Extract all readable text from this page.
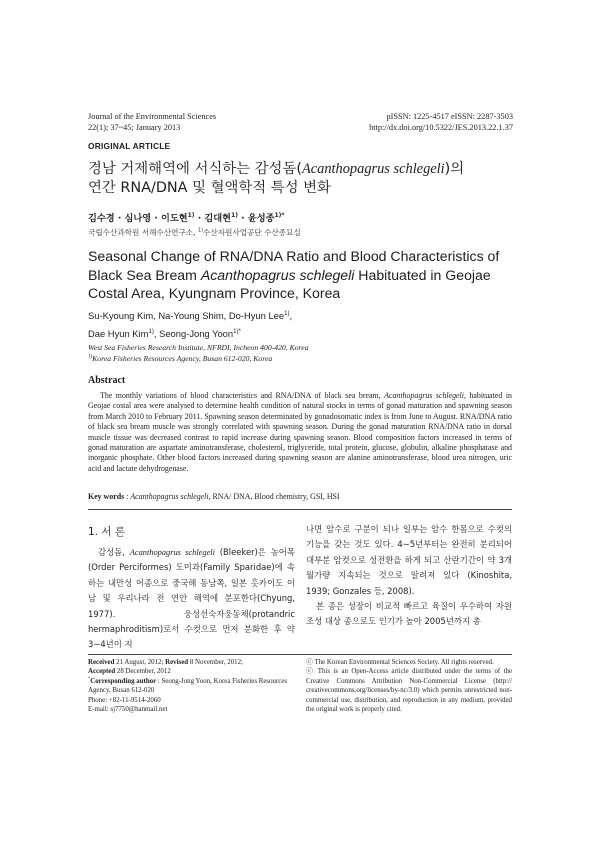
Journal of the Environmental Sciences
22(1); 37~45; January 2013
pISSN: 1225-4517 eISSN: 2287-3503
http://dx.doi.org/10.5322/JES.2013.22.1.37
ORIGINAL ARTICLE
경남 거제해역에 서식하는 감성돔(Acanthopagrus schlegeli)의
연간 RNA/DNA 및 혈액학적 특성 변화
김수경 · 심나영 · 이도현$^{1)}$ · 김대현$^{1)}$ · 윤성종$^{1)*}$
국립수산과학원 서해수산연구소, $^{1)}$수산자원사업공단 수산종묘실
Seasonal Change of RNA/DNA Ratio and Blood Characteristics of
Black Sea Bream Acanthopagrus schlegeli Habituated in Geojae
Costal Area, Kyungnam Province, Korea
Su-Kyoung Kim, Na-Young Shim, Do-Hyun Lee$^{1)}$,
Dae Hyun Kim$^{1)}$, Seong-Jong Yoon$^{1)*}$
West Sea Fisheries Research Institute, NFRDI, Incheon 400-420, Korea
$^{1)}$Korea Fisheries Resources Agency, Busan 612-020, Korea
Abstract
The monthly variations of blood characteristics and RNA/DNA of black sea bream, Acanthopagrus schlegeli, habituated in Geojae costal area were analysed to determine health condition of natural stocks in terms of gonad maturation and spawning season from March 2010 to February 2011. Spawning season determinated by gonadosomatic index is from June to August. RNA/DNA ratio of black sea bream muscle was strongly correlated with spawning season. During the gonad maturation RNA/DNA ratio in dorsal muscle tissue was decreased contrast to rapid increase during spawning season. Blood composition factors increased in terms of gonad maturation are aspartate aminotransferase, cholesterol, triglyceride, total protein, glucose, globulin, alkaline phosphatase and inorganic phosphate. Other blood factors increased during spawning season are alanine aminotransferase, blood urea nitrogen, uric acid and lactate dehydrogenase.
Key words : Acanthopagrus schlegeli, RNA/ DNA, Blood chemistry, GSI, HSI
1. 서 론

감성돔, Acanthopagrus schlegeli (Bleeker)은 농어목(Order Perciformes) 도미과(Family Sparidae)에 속하는 내만성 어종으로 중국해 동남쪽, 일본 홋카이도 이남 및 우리나라 전 연안 해역에 분포한다(Chyung, 1977). 웅성선숙자웅동체(protandric hermaphroditism)로서 수컷으로 먼저 분화한 후 약 3∼4년이 지

나면 암수로 구분이 되나 일부는 암수 한몸으로 수컷의 기능을 갖는 것도 있다. 4∼5년부터는 완전히 분리되어 대부분 암컷으로 성전환을 하게 되고 산란기간이 약 3개월가량 지속되는 것으로 알려져 있다 (Kinoshita, 1939; Gonzales 등, 2008).

본 종은 성장이 비교적 빠르고 육질이 우수하여 자원조성 대상 종으로도 인기가 높아 2005년까지 총

Received 21 August, 2012; Revised 8 November, 2012;
Accepted 28 December, 2012
*Corresponding author : Seong-Jong Yoon, Korea Fisheries Resources Agency, Busan 612-020
Phone: +82-11-9514-2060
E-mail: sj7750@hanmail.net
ⓒ The Korean Environmental Sciences Society. All rights reserved.
ⓒ This is an Open-Access article distributed under the terms of the Creative Commons Attribution Non-Commercial License (http:// creativecommons.org/licenses/by-nc/3.0) which permits unrestricted non-commercial use, distribution, and reproduction in any medium, provided the original work is properly cited.
